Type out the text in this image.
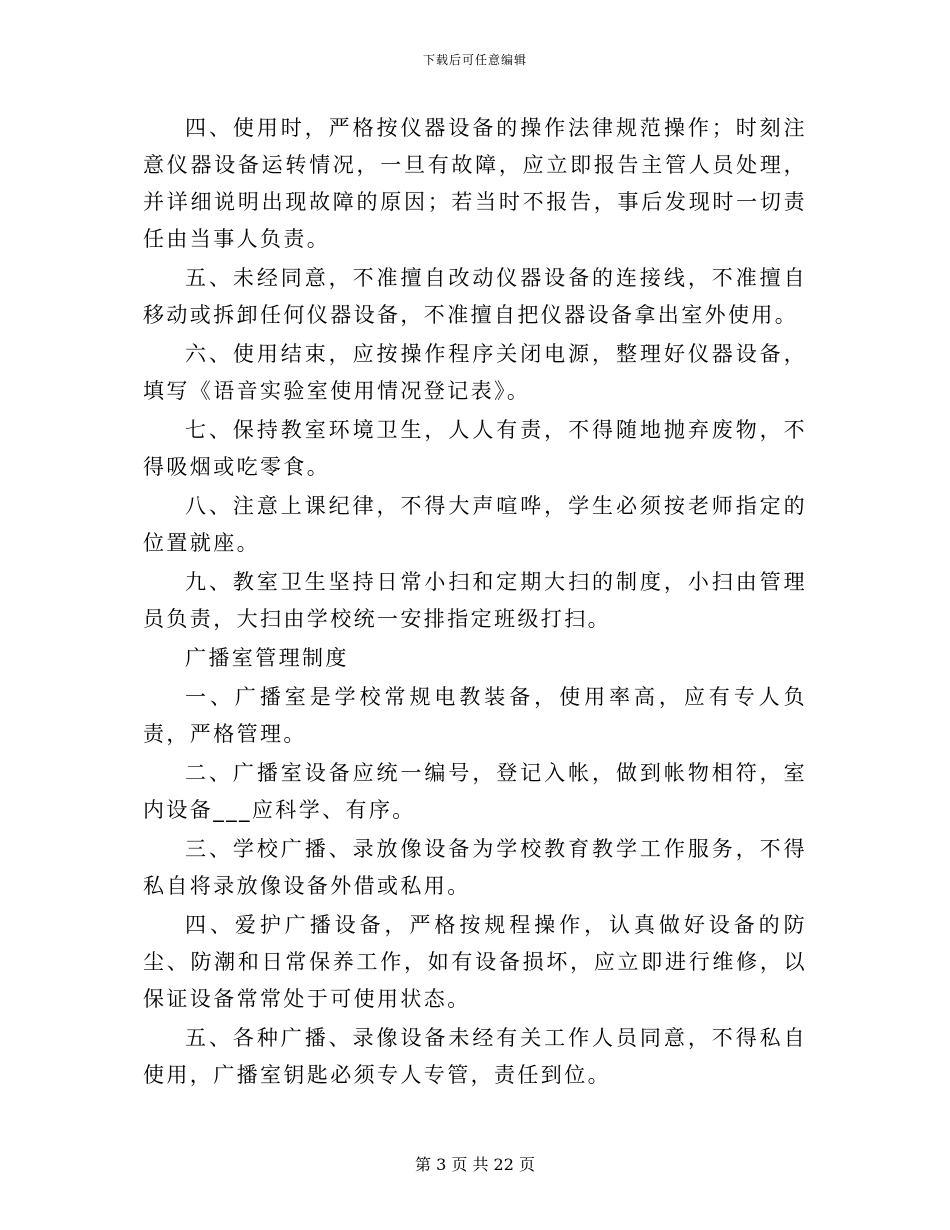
下载后可任意编辑

四、使用时，严格按仪器设备的操作法律规范操作；时刻注意仪器设备运转情况，一旦有故障，应立即报告主管人员处理，并详细说明出现故障的原因；若当时不报告，事后发现时一切责任由当事人负责。

五、未经同意，不准擅自改动仪器设备的连接线，不准擅自移动或拆卸任何仪器设备，不准擅自把仪器设备拿出室外使用。

六、使用结束，应按操作程序关闭电源，整理好仪器设备，填写《语音实验室使用情况登记表》。

七、保持教室环境卫生，人人有责，不得随地抛弃废物，不得吸烟或吃零食。

八、注意上课纪律，不得大声喧哗，学生必须按老师指定的位置就座。

九、教室卫生坚持日常小扫和定期大扫的制度，小扫由管理员负责，大扫由学校统一安排指定班级打扫。

广播室管理制度

一、广播室是学校常规电教装备，使用率高，应有专人负责，严格管理。

二、广播室设备应统一编号，登记入帐，做到帐物相符，室内设备___应科学、有序。

三、学校广播、录放像设备为学校教育教学工作服务，不得私自将录放像设备外借或私用。

四、爱护广播设备，严格按规程操作，认真做好设备的防尘、防潮和日常保养工作，如有设备损坏，应立即进行维修，以保证设备常常处于可使用状态。

五、各种广播、录像设备未经有关工作人员同意，不得私自使用，广播室钥匙必须专人专管，责任到位。

第 3 页 共 22 页
